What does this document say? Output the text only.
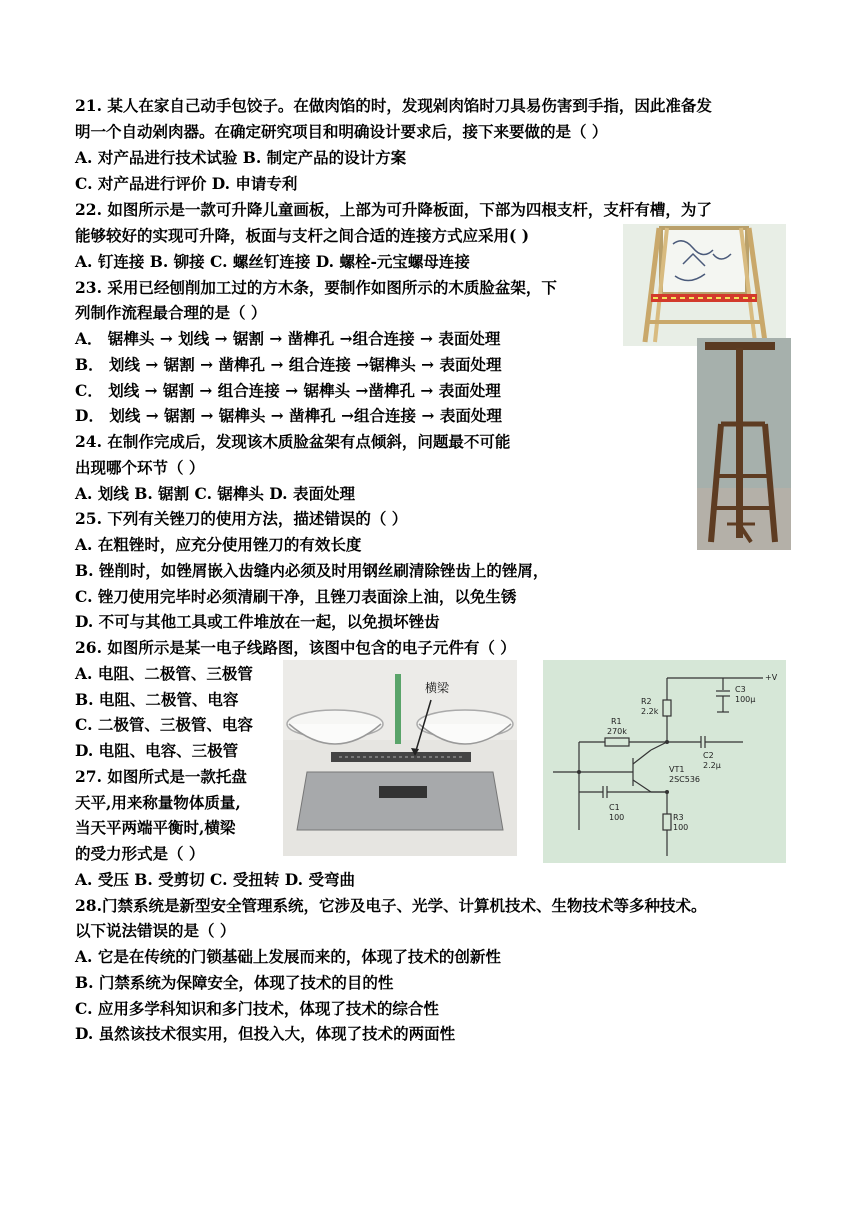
21. 某人在家自己动手包饺子。在做肉馅的时，发现剁肉馅时刀具易伤害到手指，因此准备发
明一个自动剁肉器。在确定研究项目和明确设计要求后，接下来要做的是（ ）
A. 对产品进行技术试验 B. 制定产品的设计方案
C. 对产品进行评价 D. 申请专利
22. 如图所示是一款可升降儿童画板，上部为可升降板面，下部为四根支杆，支杆有槽，为了
能够较好的实现可升降，板面与支杆之间合适的连接方式应采用( )
A. 钉连接 B. 铆接 C. 螺丝钉连接 D. 螺栓-元宝螺母连接
23. 采用已经刨削加工过的方木条，要制作如图所示的木质脸盆架，下
列制作流程最合理的是（ ）
A． 锯榫头 → 划线 → 锯割 → 凿榫孔 →组合连接 → 表面处理
B． 划线 → 锯割 → 凿榫孔 → 组合连接 →锯榫头 → 表面处理
C． 划线 → 锯割 → 组合连接 → 锯榫头 →凿榫孔 → 表面处理
D． 划线 → 锯割 → 锯榫头 → 凿榫孔 →组合连接 → 表面处理
24. 在制作完成后，发现该木质脸盆架有点倾斜，问题最不可能
出现哪个环节（ ）
A. 划线 B. 锯割 C. 锯榫头 D. 表面处理
25. 下列有关锉刀的使用方法，描述错误的（ ）
A. 在粗锉时，应充分使用锉刀的有效长度
B. 锉削时，如锉屑嵌入齿缝内必须及时用钢丝刷清除锉齿上的锉屑，
C. 锉刀使用完毕时必须清刷干净，且锉刀表面涂上油，以免生锈
D. 不可与其他工具或工件堆放在一起，以免损坏锉齿
26. 如图所示是某一电子线路图，该图中包含的电子元件有（ ）
A. 电阻、二极管、三极管
B. 电阻、二极管、电容
C. 二极管、三极管、电容
D. 电阻、电容、三极管
27. 如图所式是一款托盘
天平,用来称量物体质量,
当天平两端平衡时,横梁
的受力形式是（ ）
A. 受压 B. 受剪切 C. 受扭转 D. 受弯曲
28.门禁系统是新型安全管理系统，它涉及电子、光学、计算机技术、生物技术等多种技术。
以下说法错误的是（ ）
A. 它是在传统的门锁基础上发展而来的，体现了技术的创新性
B. 门禁系统为保障安全，体现了技术的目的性
C. 应用多学科知识和多门技术，体现了技术的综合性
D. 虽然该技术很实用，但投入大，体现了技术的两面性
横梁
+V
R2
2.2k
C3
100μ
R1
270k
VT1
2SC536
C2
2.2μ
C1
100	R3
100
